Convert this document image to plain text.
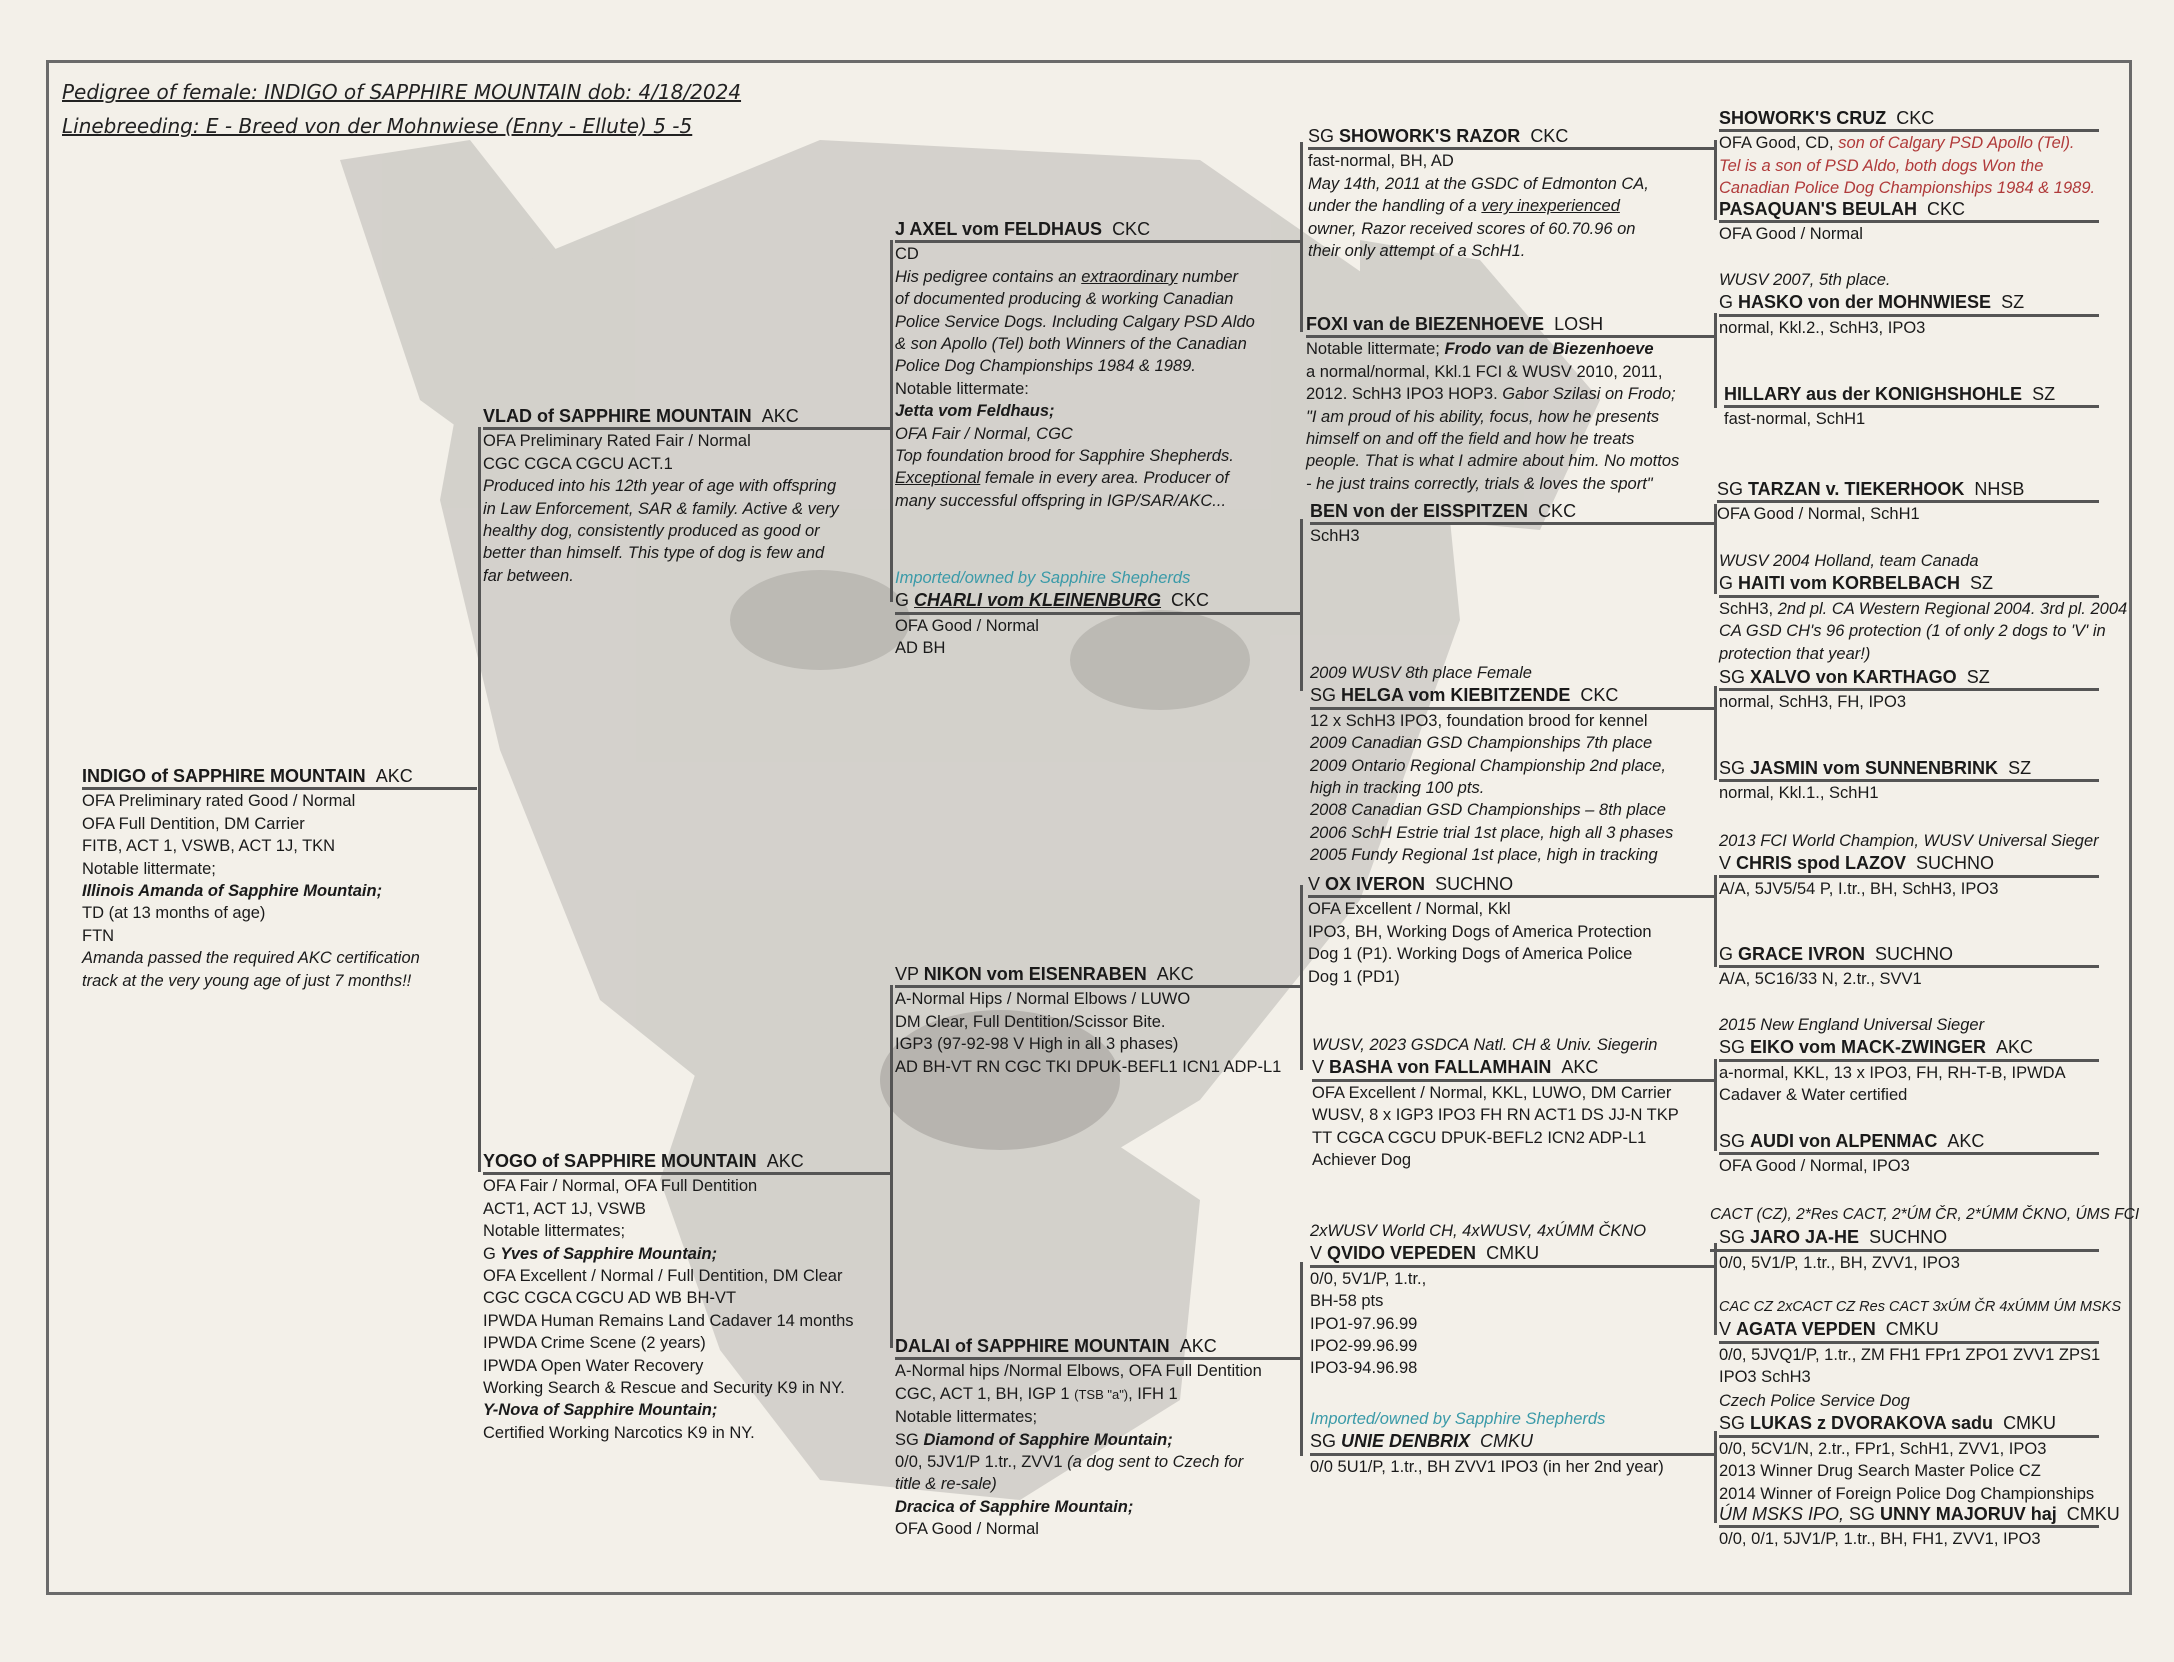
Pedigree of female: INDIGO of SAPPHIRE MOUNTAIN dob: 4/18/2024
Linebreeding: E - Breed von der Mohnwiese (Enny - Ellute) 5 -5
INDIGO of SAPPHIRE MOUNTAIN AKC
OFA Preliminary rated Good / Normal
OFA Full Dentition, DM Carrier
FITB, ACT 1, VSWB, ACT 1J, TKN
Notable littermate;
Illinois Amanda of Sapphire Mountain;
TD (at 13 months of age)
FTN
Amanda passed the required AKC certification
track at the very young age of just 7 months!!
VLAD of SAPPHIRE MOUNTAIN AKC
OFA Preliminary Rated Fair / Normal
CGC CGCA CGCU ACT.1
Produced into his 12th year of age with offspring
in Law Enforcement, SAR & family. Active & very
healthy dog, consistently produced as good or
better than himself. This type of dog is few and
far between.
YOGO of SAPPHIRE MOUNTAIN AKC
OFA Fair / Normal, OFA Full Dentition
ACT1, ACT 1J, VSWB
Notable littermates;
G Yves of Sapphire Mountain;
OFA Excellent / Normal / Full Dentition, DM Clear
CGC CGCA CGCU AD WB BH-VT
IPWDA Human Remains Land Cadaver 14 months
IPWDA Crime Scene (2 years)
IPWDA Open Water Recovery
Working Search & Rescue and Security K9 in NY.
Y-Nova of Sapphire Mountain;
Certified Working Narcotics K9 in NY.
J AXEL vom FELDHAUS CKC
CD
His pedigree contains an extraordinary number
of documented producing & working Canadian
Police Service Dogs. Including Calgary PSD Aldo
& son Apollo (Tel) both Winners of the Canadian
Police Dog Championships 1984 & 1989.
Notable littermate:
Jetta vom Feldhaus;
OFA Fair / Normal, CGC
Top foundation brood for Sapphire Shepherds.
Exceptional female in every area. Producer of
many successful offspring in IGP/SAR/AKC...
Imported/owned by Sapphire Shepherds
G CHARLI vom KLEINENBURG CKC
OFA Good / Normal
AD BH
VP NIKON vom EISENRABEN AKC
A-Normal Hips / Normal Elbows / LUWO
DM Clear, Full Dentition/Scissor Bite.
IGP3 (97-92-98 V High in all 3 phases)
AD BH-VT RN CGC TKI DPUK-BEFL1 ICN1 ADP-L1
DALAI of SAPPHIRE MOUNTAIN AKC
A-Normal hips /Normal Elbows, OFA Full Dentition
CGC, ACT 1, BH, IGP 1 (TSB "a"), IFH 1
Notable littermates;
SG Diamond of Sapphire Mountain;
0/0, 5JV1/P 1.tr., ZVV1 (a dog sent to Czech for
title & re-sale)
Dracica of Sapphire Mountain;
OFA Good / Normal
SG SHOWORK'S RAZOR CKC
fast-normal, BH, AD
May 14th, 2011 at the GSDC of Edmonton CA,
under the handling of a very inexperienced
owner, Razor received scores of 60.70.96 on
their only attempt of a SchH1.
FOXI van de BIEZENHOEVE LOSH
Notable littermate; Frodo van de Biezenhoeve
a normal/normal, Kkl.1 FCI & WUSV 2010, 2011,
2012. SchH3 IPO3 HOP3. Gabor Szilasi on Frodo;
"I am proud of his ability, focus, how he presents
himself on and off the field and how he treats
people. That is what I admire about him. No mottos
- he just trains correctly, trials & loves the sport"
BEN von der EISSPITZEN CKC
SchH3
2009 WUSV 8th place Female
SG HELGA vom KIEBITZENDE CKC
12 x SchH3 IPO3, foundation brood for kennel
2009 Canadian GSD Championships 7th place
2009 Ontario Regional Championship 2nd place,
high in tracking 100 pts.
2008 Canadian GSD Championships – 8th place
2006 SchH Estrie trial 1st place, high all 3 phases
2005 Fundy Regional 1st place, high in tracking
V OX IVERON SUCHNO
OFA Excellent / Normal, Kkl
IPO3, BH, Working Dogs of America Protection
Dog 1 (P1). Working Dogs of America Police
Dog 1 (PD1)
WUSV, 2023 GSDCA Natl. CH & Univ. Siegerin
V BASHA von FALLAMHAIN AKC
OFA Excellent / Normal, KKL, LUWO, DM Carrier
WUSV, 8 x IGP3 IPO3 FH RN ACT1 DS JJ-N TKP
TT CGCA CGCU DPUK-BEFL2 ICN2 ADP-L1
Achiever Dog
2xWUSV World CH, 4xWUSV, 4xÚMM ČKNO
V QVIDO VEPEDEN CMKU
0/0, 5V1/P, 1.tr.,
BH-58 pts
IPO1-97.96.99
IPO2-99.96.99
IPO3-94.96.98
Imported/owned by Sapphire Shepherds
SG UNIE DENBRIX CMKU
0/0 5U1/P, 1.tr., BH ZVV1 IPO3 (in her 2nd year)
SHOWORK'S CRUZ CKC
OFA Good, CD, son of Calgary PSD Apollo (Tel).
Tel is a son of PSD Aldo, both dogs Won the
Canadian Police Dog Championships 1984 & 1989.
PASAQUAN'S BEULAH CKC
OFA Good / Normal
WUSV 2007, 5th place.
G HASKO von der MOHNWIESE SZ
normal, Kkl.2., SchH3, IPO3
HILLARY aus der KONIGHSHOHLE SZ
fast-normal, SchH1
SG TARZAN v. TIEKERHOOK NHSB
OFA Good / Normal, SchH1
WUSV 2004 Holland, team Canada
G HAITI vom KORBELBACH SZ
SchH3, 2nd pl. CA Western Regional 2004. 3rd pl. 2004
CA GSD CH's 96 protection (1 of only 2 dogs to 'V' in
protection that year!)
SG XALVO von KARTHAGO SZ
normal, SchH3, FH, IPO3
SG JASMIN vom SUNNENBRINK SZ
normal, Kkl.1., SchH1
2013 FCI World Champion, WUSV Universal Sieger
V CHRIS spod LAZOV SUCHNO
A/A, 5JV5/54 P, I.tr., BH, SchH3, IPO3
G GRACE IVRON SUCHNO
A/A, 5C16/33 N, 2.tr., SVV1
2015 New England Universal Sieger
SG EIKO vom MACK-ZWINGER AKC
a-normal, KKL, 13 x IPO3, FH, RH-T-B, IPWDA
Cadaver & Water certified
SG AUDI von ALPENMAC AKC
OFA Good / Normal, IPO3
CACT (CZ), 2*Res CACT, 2*ÚM ČR, 2*ÚMM ČKNO, ÚMS FCI
SG JARO JA-HE SUCHNO
0/0, 5V1/P, 1.tr., BH, ZVV1, IPO3
CAC CZ 2xCACT CZ Res CACT 3xÚM ČR 4xÚMM ÚM MSKS
V AGATA VEPDEN CMKU
0/0, 5JVQ1/P, 1.tr., ZM FH1 FPr1 ZPO1 ZVV1 ZPS1
IPO3 SchH3
Czech Police Service Dog
SG LUKAS z DVORAKOVA sadu CMKU
0/0, 5CV1/N, 2.tr., FPr1, SchH1, ZVV1, IPO3
2013 Winner Drug Search Master Police CZ
2014 Winner of Foreign Police Dog Championships
ÚM MSKS IPO, SG UNNY MAJORUV haj CMKU
0/0, 0/1, 5JV1/P, 1.tr., BH, FH1, ZVV1, IPO3
